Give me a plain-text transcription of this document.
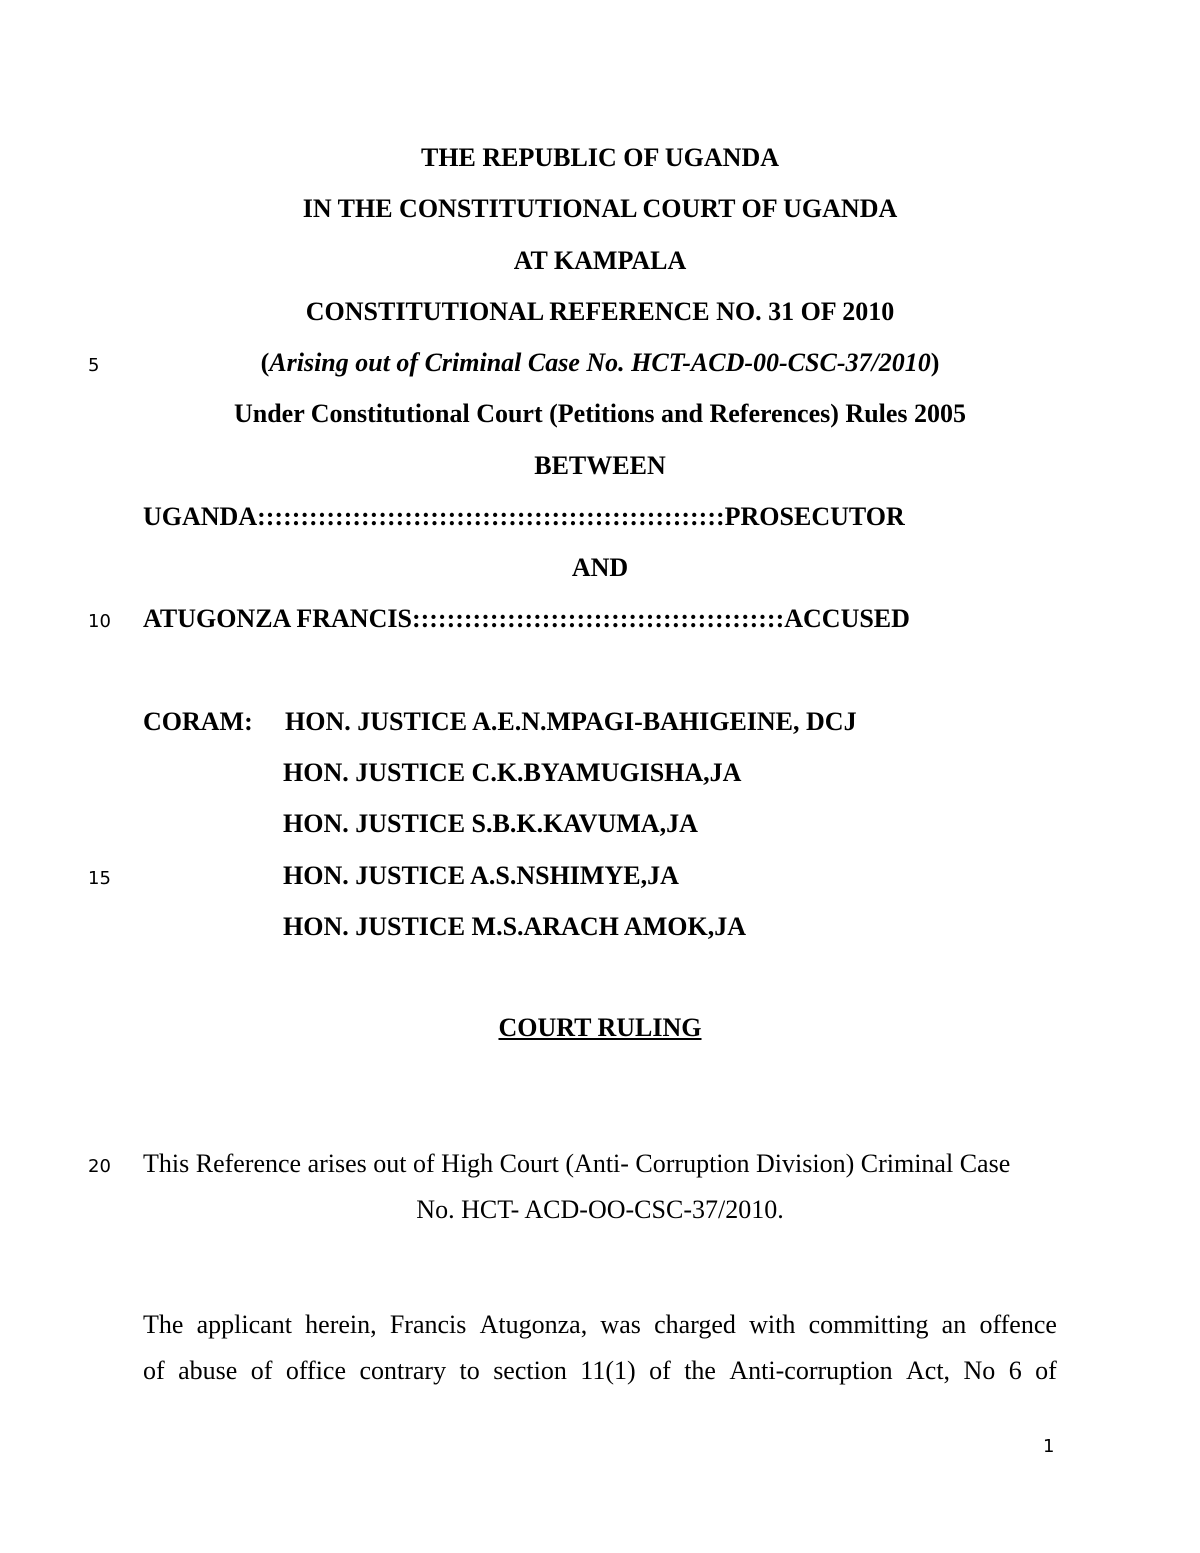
THE REPUBLIC OF UGANDA
IN THE CONSTITUTIONAL COURT OF UGANDA
AT KAMPALA
CONSTITUTIONAL REFERENCE NO. 31 OF 2010
5	(Arising out of Criminal Case No. HCT-ACD-00-CSC-37/2010)
Under Constitutional Court (Petitions and References) Rules 2005
BETWEEN
UGANDA::::::::::::::::::::::::::::::::::::::::::::::::::::::PROSECUTOR
AND
10 ATUGONZA FRANCIS:::::::::::::::::::::::::::::::::::::::::::ACCUSED
CORAM: HON. JUSTICE A.E.N.MPAGI-BAHIGEINE, DCJ
HON. JUSTICE C.K.BYAMUGISHA,JA
HON. JUSTICE S.B.K.KAVUMA,JA
15	HON. JUSTICE A.S.NSHIMYE,JA
HON. JUSTICE M.S.ARACH AMOK,JA
COURT RULING
20 This Reference arises out of High Court (Anti- Corruption Division) Criminal Case
No. HCT- ACD-OO-CSC-37/2010.
The applicant herein, Francis Atugonza, was charged with committing an offence
of abuse of office contrary to section 11(1) of the Anti-corruption Act, No 6 of
1
